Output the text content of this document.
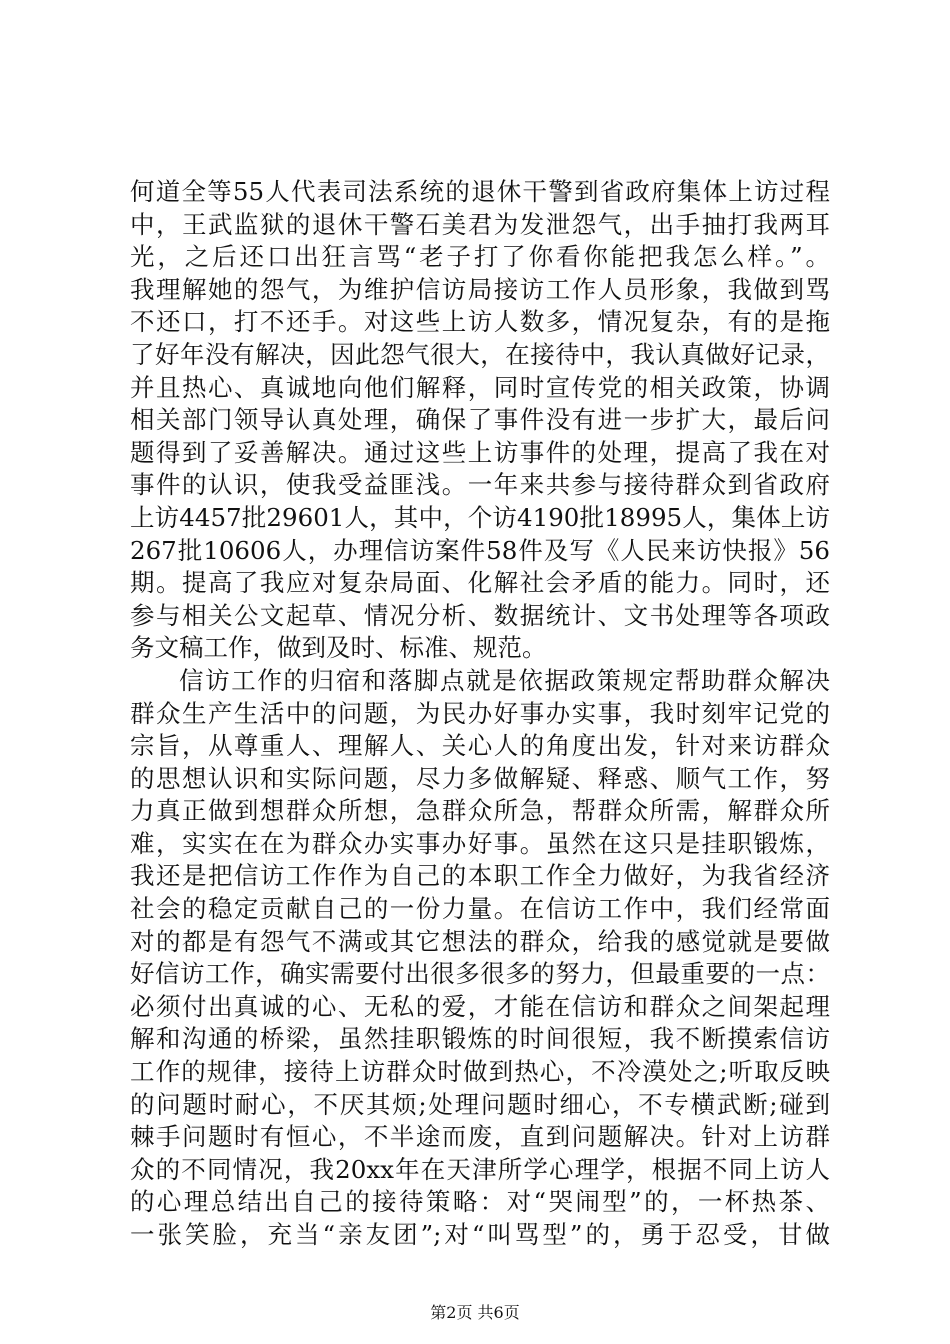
何道全等55人代表司法系统的退休干警到省政府集体上访过程
中，王武监狱的退休干警石美君为发泄怨气，出手抽打我两耳
光，之后还口出狂言骂“老子打了你看你能把我怎么样。”。
我理解她的怨气，为维护信访局接访工作人员形象，我做到骂
不还口，打不还手。对这些上访人数多，情况复杂，有的是拖
了好年没有解决，因此怨气很大，在接待中，我认真做好记录，
并且热心、真诚地向他们解释，同时宣传党的相关政策，协调
相关部门领导认真处理，确保了事件没有进一步扩大，最后问
题得到了妥善解决。通过这些上访事件的处理，提高了我在对
事件的认识，使我受益匪浅。一年来共参与接待群众到省政府
上访4457批29601人，其中，个访4190批18995人，集体上访
267批10606人，办理信访案件58件及写《人民来访快报》56
期。提高了我应对复杂局面、化解社会矛盾的能力。同时，还
参与相关公文起草、情况分析、数据统计、文书处理等各项政
务文稿工作，做到及时、标准、规范。
信访工作的归宿和落脚点就是依据政策规定帮助群众解决
群众生产生活中的问题，为民办好事办实事，我时刻牢记党的
宗旨，从尊重人、理解人、关心人的角度出发，针对来访群众
的思想认识和实际问题，尽力多做解疑、释惑、顺气工作，努
力真正做到想群众所想，急群众所急，帮群众所需，解群众所
难，实实在在为群众办实事办好事。虽然在这只是挂职锻炼，
我还是把信访工作作为自己的本职工作全力做好，为我省经济
社会的稳定贡献自己的一份力量。在信访工作中，我们经常面
对的都是有怨气不满或其它想法的群众，给我的感觉就是要做
好信访工作，确实需要付出很多很多的努力，但最重要的一点：
必须付出真诚的心、无私的爱，才能在信访和群众之间架起理
解和沟通的桥梁，虽然挂职锻炼的时间很短，我不断摸索信访
工作的规律，接待上访群众时做到热心，不冷漠处之;听取反映
的问题时耐心，不厌其烦;处理问题时细心，不专横武断;碰到
棘手问题时有恒心，不半途而废，直到问题解决。针对上访群
众的不同情况，我20xx年在天津所学心理学，根据不同上访人
的心理总结出自己的接待策略：对“哭闹型”的，一杯热茶、
一张笑脸，充当“亲友团”;对“叫骂型”的，勇于忍受，甘做
第2页 共6页
